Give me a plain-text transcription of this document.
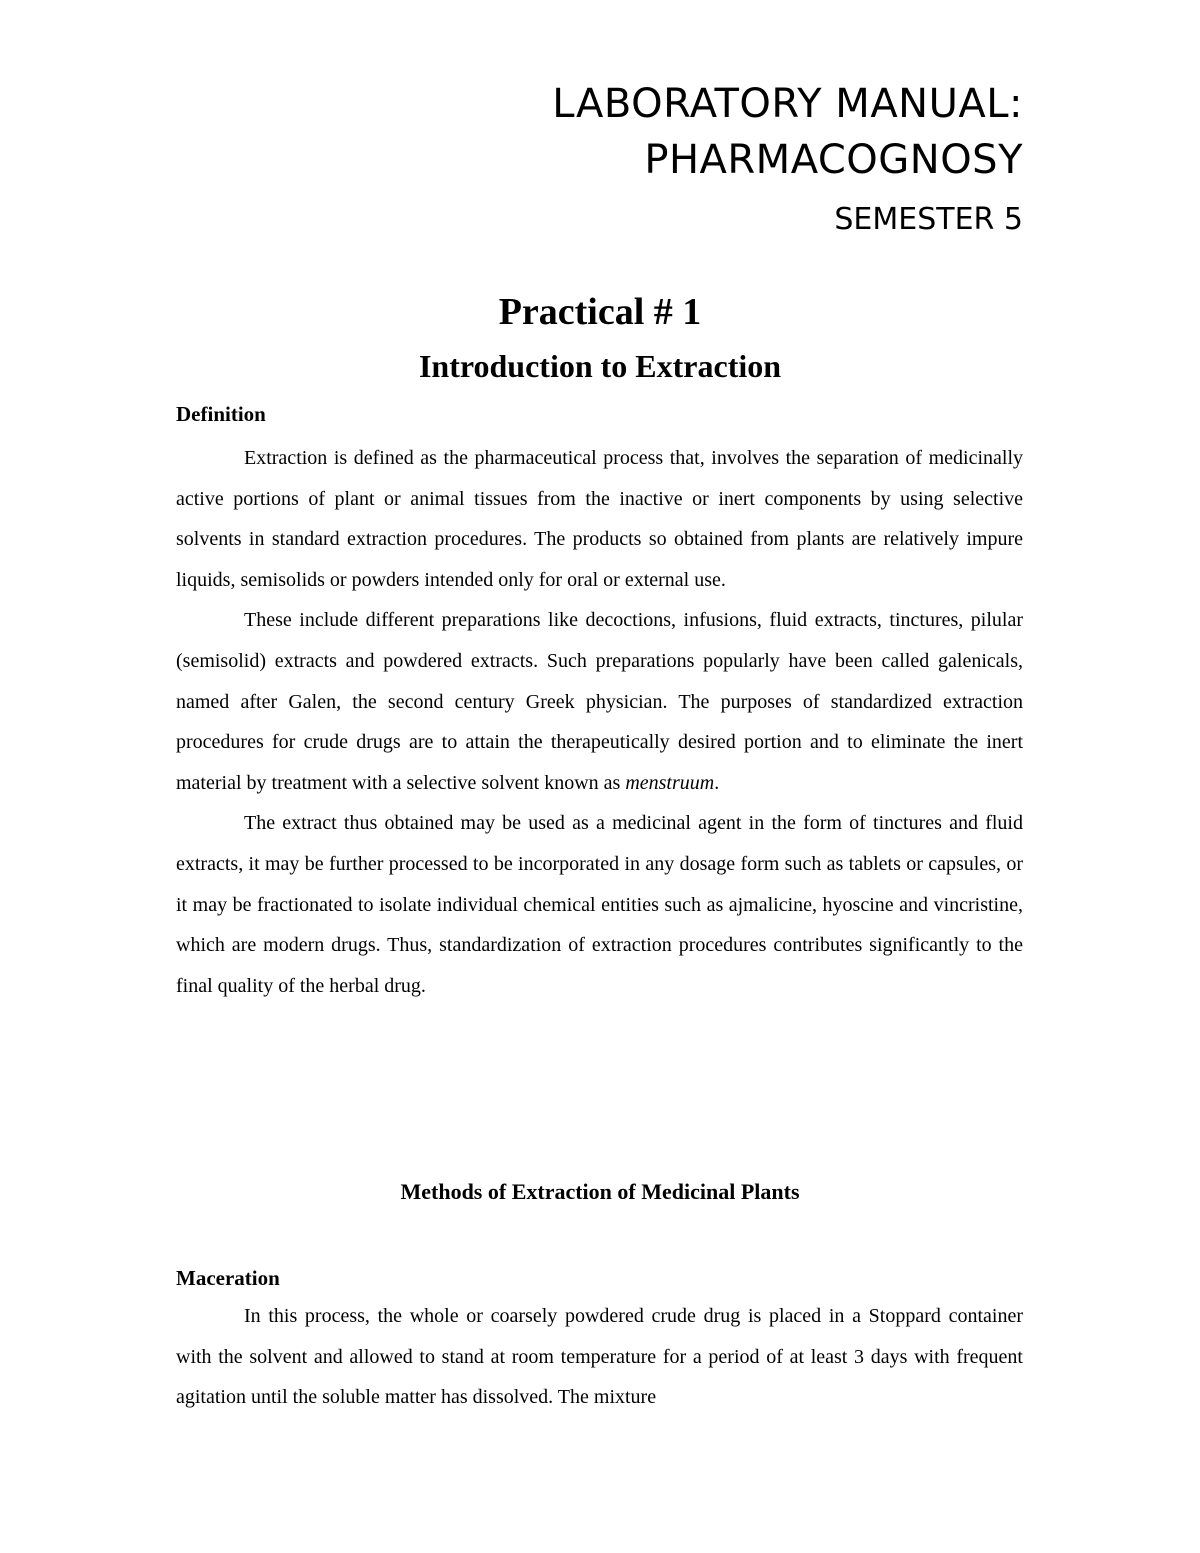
LABORATORY MANUAL:
PHARMACOGNOSY
SEMESTER 5
Practical # 1
Introduction to Extraction
Definition

Extraction is defined as the pharmaceutical process that, involves the separation of medicinally active portions of plant or animal tissues from the inactive or inert components by using selective solvents in standard extraction procedures. The products so obtained from plants are relatively impure liquids, semisolids or powders intended only for oral or external use.

These include different preparations like decoctions, infusions, fluid extracts, tinctures, pilular (semisolid) extracts and powdered extracts. Such preparations popularly have been called galenicals, named after Galen, the second century Greek physician. The purposes of standardized extraction procedures for crude drugs are to attain the therapeutically desired portion and to eliminate the inert material by treatment with a selective solvent known as menstruum.

The extract thus obtained may be used as a medicinal agent in the form of tinctures and fluid extracts, it may be further processed to be incorporated in any dosage form such as tablets or capsules, or it may be fractionated to isolate individual chemical entities such as ajmalicine, hyoscine and vincristine, which are modern drugs. Thus, standardization of extraction procedures contributes significantly to the final quality of the herbal drug.

Methods of Extraction of Medicinal Plants
Maceration

In this process, the whole or coarsely powdered crude drug is placed in a Stoppard container with the solvent and allowed to stand at room temperature for a period of at least 3 days with frequent agitation until the soluble matter has dissolved. The mixture
